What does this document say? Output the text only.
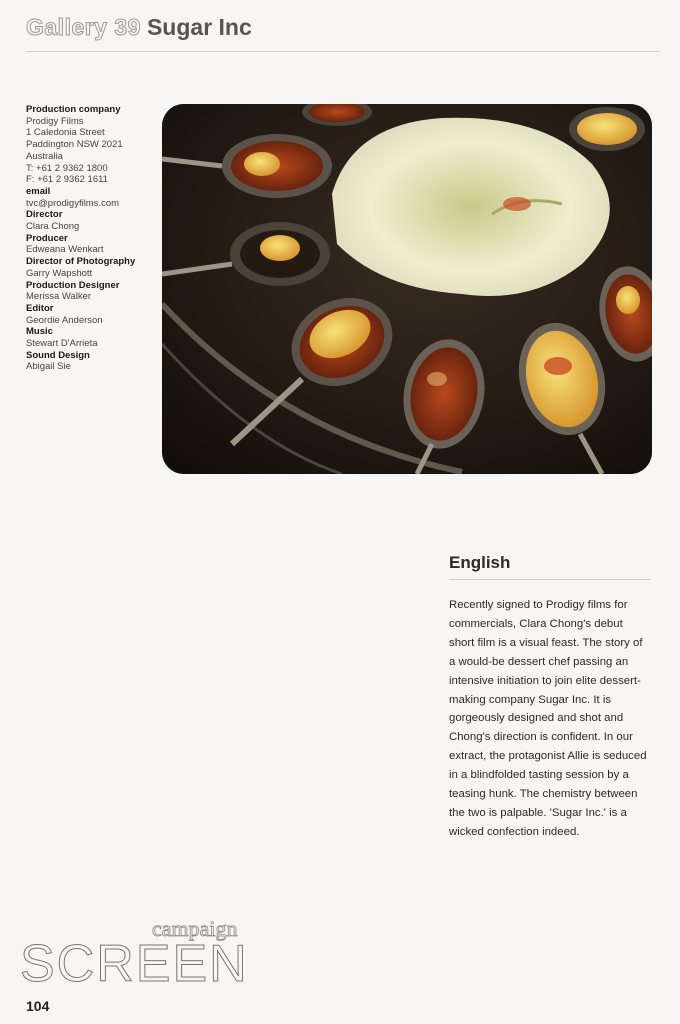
Gallery 39 Sugar Inc
Production company
Prodigy Films
1 Caledonia Street
Paddington NSW 2021
Australia
T: +61 2 9362 1800
F: +61 2 9362 1611
email
tvc@prodigyfilms.com
Director
Clara Chong
Producer
Edweana Wenkart
Director of Photography
Garry Wapshott
Production Designer
Merissa Walker
Editor
Geordie Anderson
Music
Stewart D'Arrieta
Sound Design
Abigail Sie
English
Recently signed to Prodigy films for commercials, Clara Chong's debut short film is a visual feast. The story of a would-be dessert chef passing an intensive initiation to join elite dessert-making company Sugar Inc. It is gorgeously designed and shot and Chong's direction is confident. In our extract, the protagonist Allie is seduced in a blindfolded tasting session by a teasing hunk. The chemistry between the two is palpable. 'Sugar Inc.' is a wicked confection indeed.
campaign
SCREEN
104
